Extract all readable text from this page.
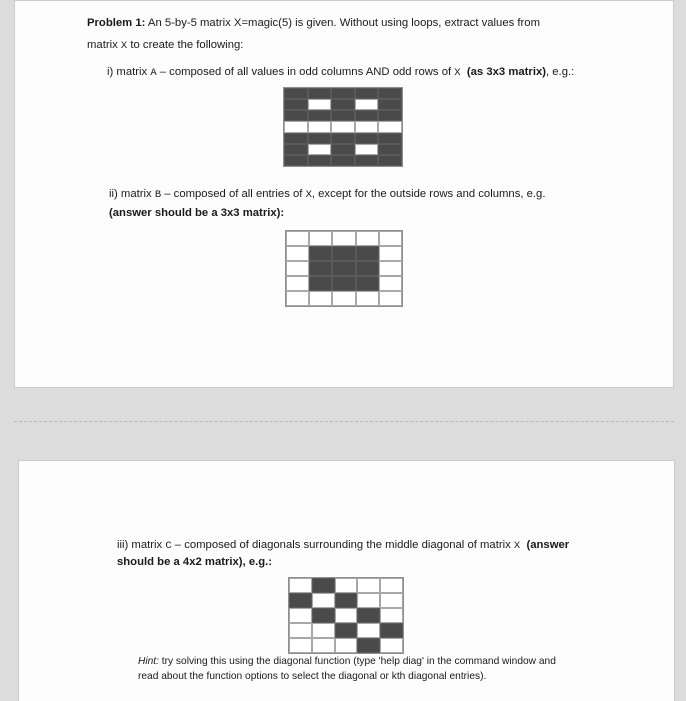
Problem 1: An 5-by-5 matrix X=magic(5) is given. Without using loops, extract values from
matrix X to create the following:
i) matrix A – composed of all values in odd columns AND odd rows of X (as 3x3 matrix), e.g.:
ii) matrix B – composed of all entries of X, except for the outside rows and columns, e.g.
(answer should be a 3x3 matrix):
iii) matrix C – composed of diagonals surrounding the middle diagonal of matrix X (answer
should be a 4x2 matrix), e.g.:
Hint: try solving this using the diagonal function (type 'help diag' in the command window and
read about the function options to select the diagonal or kth diagonal entries).
